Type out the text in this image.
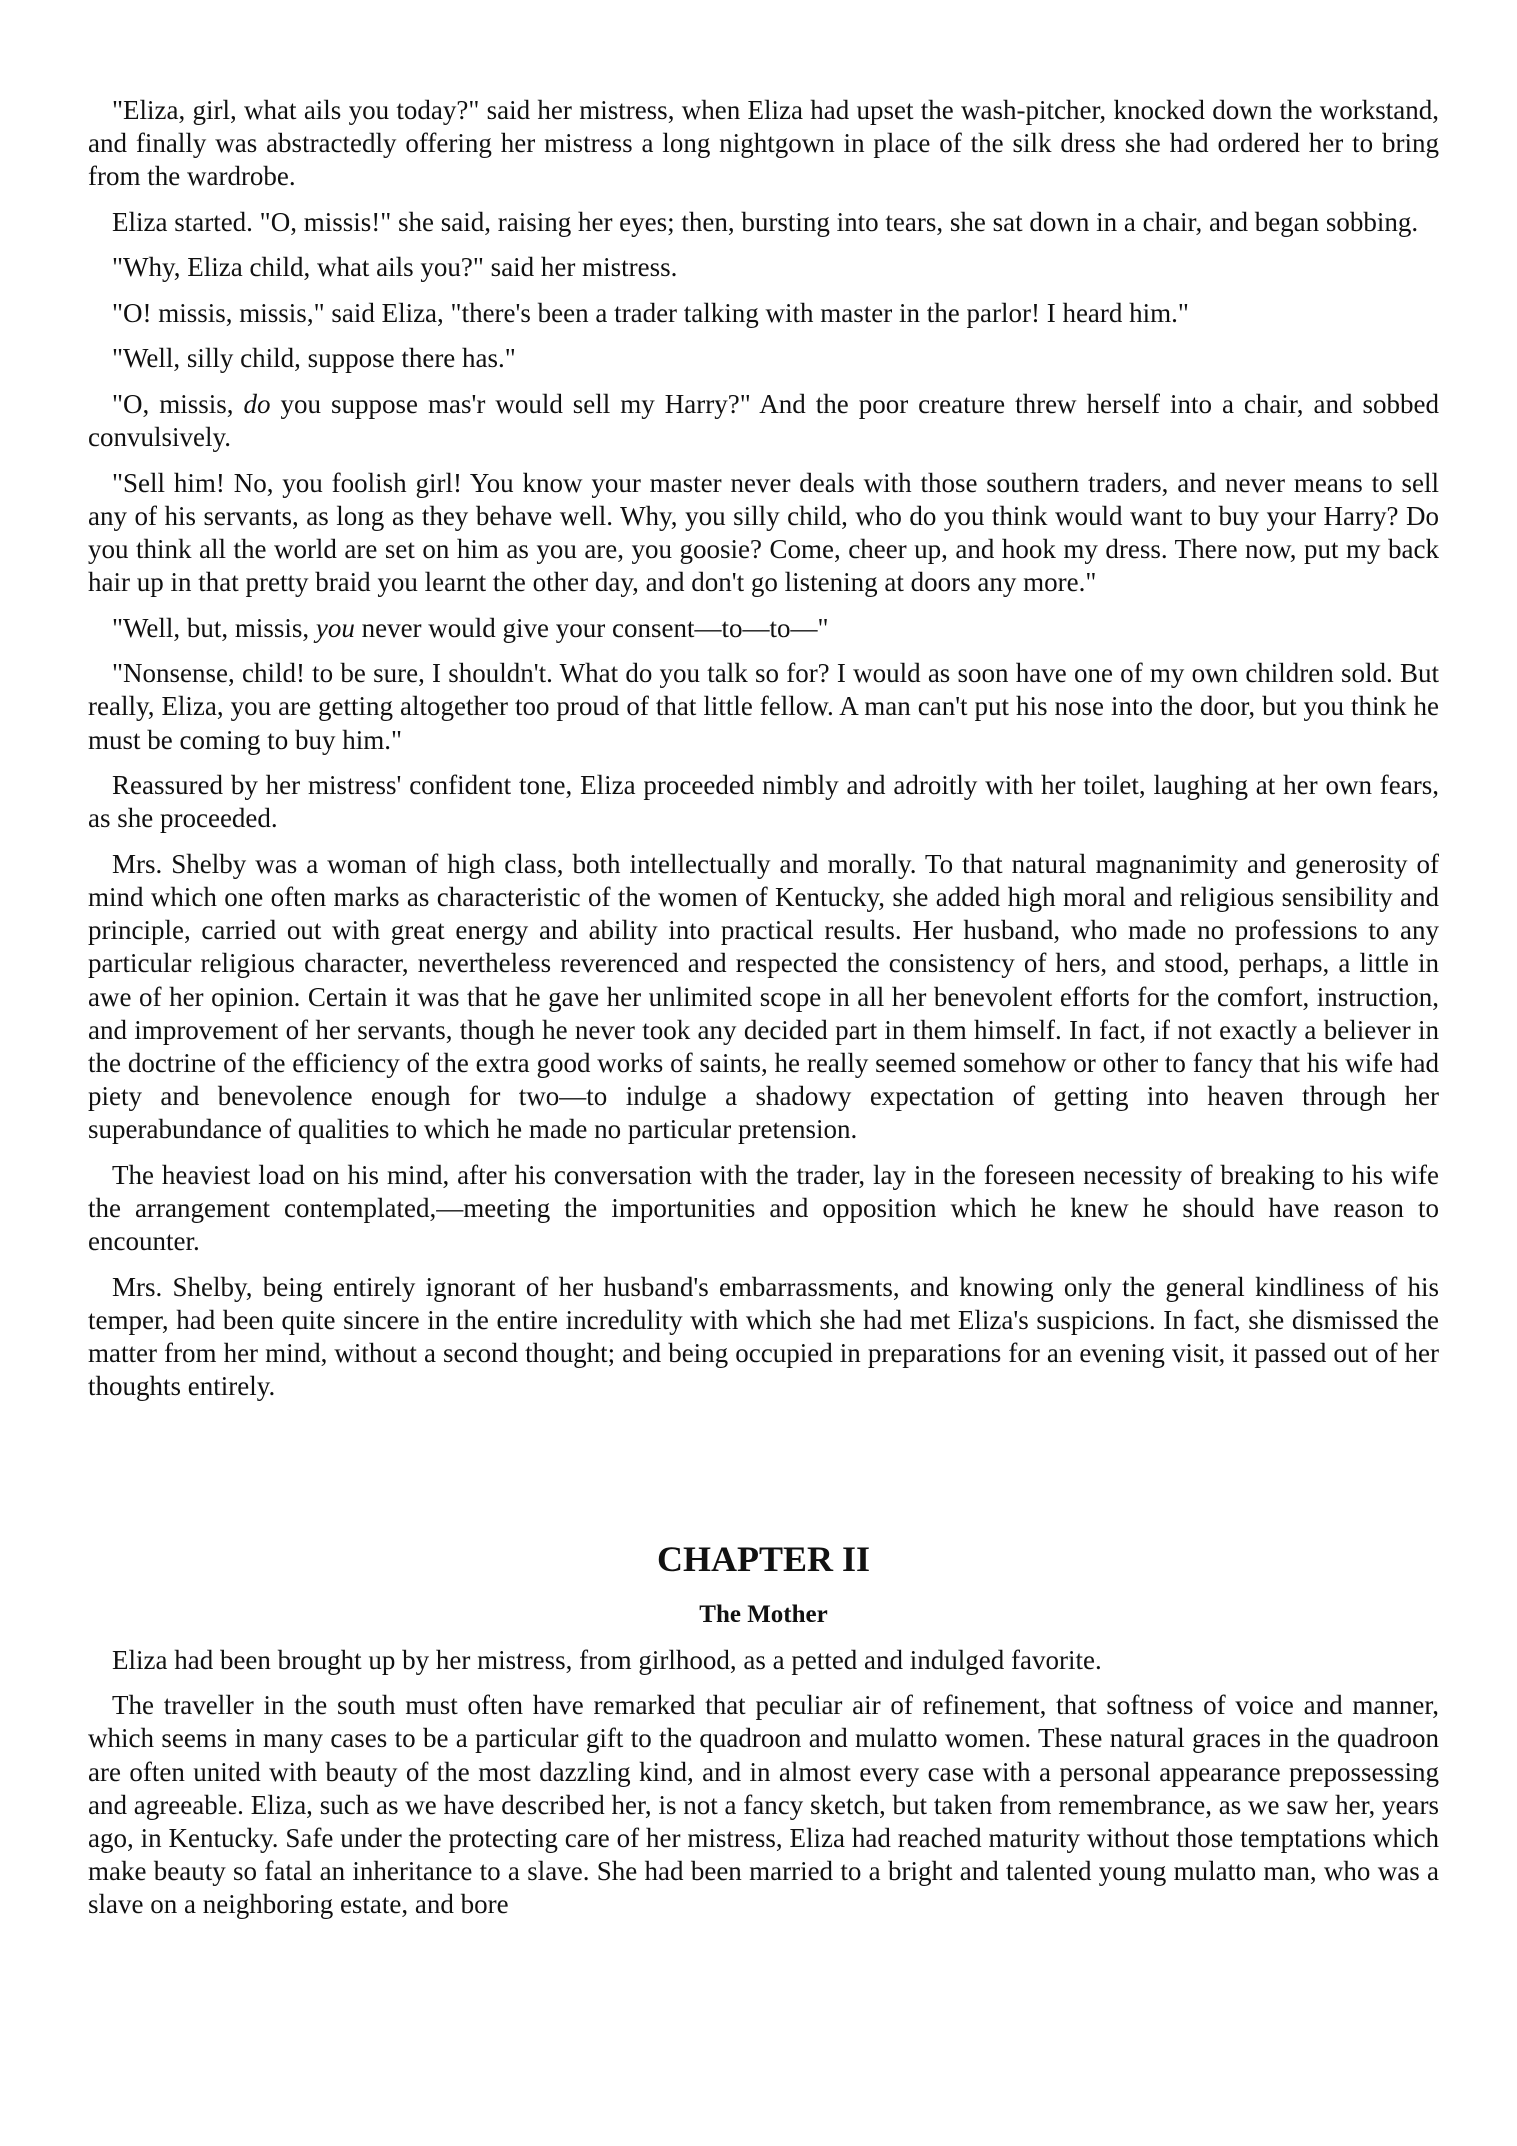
"Eliza, girl, what ails you today?" said her mistress, when Eliza had upset the wash-pitcher, knocked down the workstand, and finally was abstractedly offering her mistress a long nightgown in place of the silk dress she had ordered her to bring from the wardrobe.

Eliza started. "O, missis!" she said, raising her eyes; then, bursting into tears, she sat down in a chair, and began sobbing.

"Why, Eliza child, what ails you?" said her mistress.

"O! missis, missis," said Eliza, "there's been a trader talking with master in the parlor! I heard him."

"Well, silly child, suppose there has."

"O, missis, do you suppose mas'r would sell my Harry?" And the poor creature threw herself into a chair, and sobbed convulsively.

"Sell him! No, you foolish girl! You know your master never deals with those southern traders, and never means to sell any of his servants, as long as they behave well. Why, you silly child, who do you think would want to buy your Harry? Do you think all the world are set on him as you are, you goosie? Come, cheer up, and hook my dress. There now, put my back hair up in that pretty braid you learnt the other day, and don't go listening at doors any more."

"Well, but, missis, you never would give your consent—to—to—"

"Nonsense, child! to be sure, I shouldn't. What do you talk so for? I would as soon have one of my own children sold. But really, Eliza, you are getting altogether too proud of that little fellow. A man can't put his nose into the door, but you think he must be coming to buy him."

Reassured by her mistress' confident tone, Eliza proceeded nimbly and adroitly with her toilet, laughing at her own fears, as she proceeded.

Mrs. Shelby was a woman of high class, both intellectually and morally. To that natural magnanimity and generosity of mind which one often marks as characteristic of the women of Kentucky, she added high moral and religious sensibility and principle, carried out with great energy and ability into practical results. Her husband, who made no professions to any particular religious character, nevertheless reverenced and respected the consistency of hers, and stood, perhaps, a little in awe of her opinion. Certain it was that he gave her unlimited scope in all her benevolent efforts for the comfort, instruction, and improvement of her servants, though he never took any decided part in them himself. In fact, if not exactly a believer in the doctrine of the efficiency of the extra good works of saints, he really seemed somehow or other to fancy that his wife had piety and benevolence enough for two—to indulge a shadowy expectation of getting into heaven through her superabundance of qualities to which he made no particular pretension.

The heaviest load on his mind, after his conversation with the trader, lay in the foreseen necessity of breaking to his wife the arrangement contemplated,—meeting the importunities and opposition which he knew he should have reason to encounter.

Mrs. Shelby, being entirely ignorant of her husband's embarrassments, and knowing only the general kindliness of his temper, had been quite sincere in the entire incredulity with which she had met Eliza's suspicions. In fact, she dismissed the matter from her mind, without a second thought; and being occupied in preparations for an evening visit, it passed out of her thoughts entirely.

CHAPTER II
The Mother

Eliza had been brought up by her mistress, from girlhood, as a petted and indulged favorite.

The traveller in the south must often have remarked that peculiar air of refinement, that softness of voice and manner, which seems in many cases to be a particular gift to the quadroon and mulatto women. These natural graces in the quadroon are often united with beauty of the most dazzling kind, and in almost every case with a personal appearance prepossessing and agreeable. Eliza, such as we have described her, is not a fancy sketch, but taken from remembrance, as we saw her, years ago, in Kentucky. Safe under the protecting care of her mistress, Eliza had reached maturity without those temptations which make beauty so fatal an inheritance to a slave. She had been married to a bright and talented young mulatto man, who was a slave on a neighboring estate, and bore
